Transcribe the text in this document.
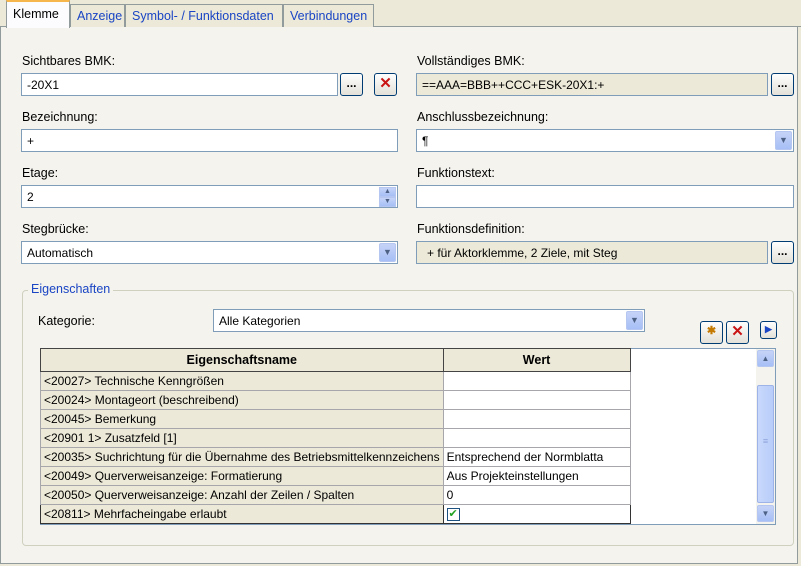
Klemme	Anzeige Symbol- / Funktionsdaten	Verbindungen
Sichtbares BMK:
-20X1	...	✕
Vollständiges BMK:
==AAA=BBB++CCC+ESK-20X1:+	...
Bezeichnung:
+
Anschlussbezeichnung:
¶	▼
Etage:
2	▲
▼
Funktionstext:
Stegbrücke:
Automatisch	▼
Funktionsdefinition:
+ für Aktorklemme, 2 Ziele, mit Steg	...
Eigenschaften
Kategorie:	Alle Kategorien	▼
✱	✕	▶
Eigenschaftsname	Wert
<20027> Technische Kenngrößen	
<20024> Montageort (beschreibend)	
<20045> Bemerkung	
<20901 1> Zusatzfeld [1]	
<20035> Suchrichtung für die Übernahme des Betriebsmittelkennzeichens	Entsprechend der Normblatta
<20049> Querverweisanzeige: Formatierung	Aus Projekteinstellungen
<20050> Querverweisanzeige: Anzahl der Zeilen / Spalten	0
<20811> Mehrfacheingabe erlaubt	✔
▲
≡
▼
